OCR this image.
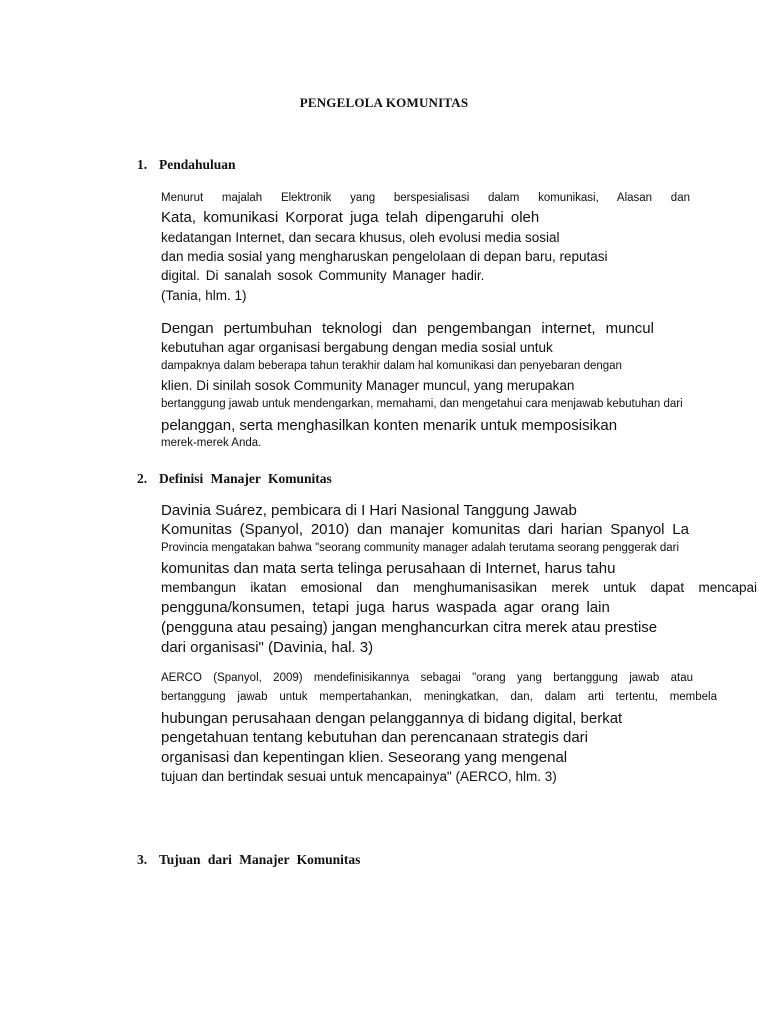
PENGELOLA KOMUNITAS
1. Pendahuluan
Menurut majalah Elektronik yang berspesialisasi dalam komunikasi, Alasan dan
Kata, komunikasi Korporat juga telah dipengaruhi oleh
kedatangan Internet, dan secara khusus, oleh evolusi media sosial
dan media sosial yang mengharuskan pengelolaan di depan baru, reputasi
digital. Di sanalah sosok Community Manager hadir.
(Tania, hlm. 1)
Dengan pertumbuhan teknologi dan pengembangan internet, muncul
kebutuhan agar organisasi bergabung dengan media sosial untuk
dampaknya dalam beberapa tahun terakhir dalam hal komunikasi dan penyebaran dengan
klien. Di sinilah sosok Community Manager muncul, yang merupakan
bertanggung jawab untuk mendengarkan, memahami, dan mengetahui cara menjawab kebutuhan dari
pelanggan, serta menghasilkan konten menarik untuk memposisikan
merek-merek Anda.
2. Definisi Manajer Komunitas
Davinia Suárez, pembicara di I Hari Nasional Tanggung Jawab
Komunitas (Spanyol, 2010) dan manajer komunitas dari harian Spanyol La
Provincia mengatakan bahwa "seorang community manager adalah terutama seorang penggerak dari
komunitas dan mata serta telinga perusahaan di Internet, harus tahu
membangun ikatan emosional dan menghumanisasikan merek untuk dapat mencapai
pengguna/konsumen, tetapi juga harus waspada agar orang lain
(pengguna atau pesaing) jangan menghancurkan citra merek atau prestise
dari organisasi" (Davinia, hal. 3)
AERCO (Spanyol, 2009) mendefinisikannya sebagai "orang yang bertanggung jawab atau
bertanggung jawab untuk mempertahankan, meningkatkan, dan, dalam arti tertentu, membela
hubungan perusahaan dengan pelanggannya di bidang digital, berkat
pengetahuan tentang kebutuhan dan perencanaan strategis dari
organisasi dan kepentingan klien. Seseorang yang mengenal
tujuan dan bertindak sesuai untuk mencapainya" (AERCO, hlm. 3)
3. Tujuan dari Manajer Komunitas
